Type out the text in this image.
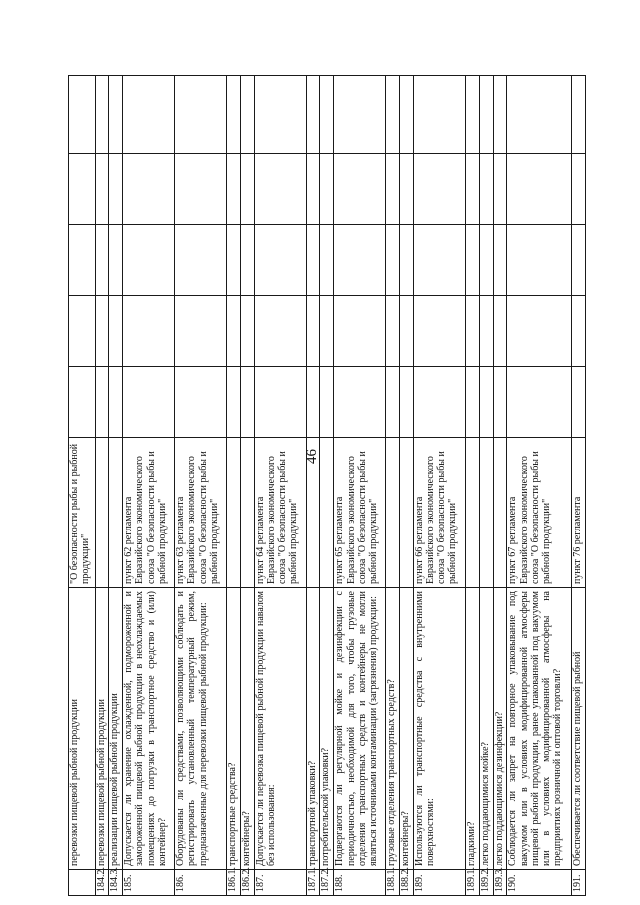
46
	перевозки пищевой рыбной продукции	"О безопасности рыбы и рыбной продукции"					
184.2.	перевозки пищевой рыбной продукции						
184.3.	реализации пищевой рыбной продукции						
185.	Допускается ли хранение охлажденной, подмороженной и замороженной пищевой рыбной продукции в неохлаждаемых помещениях до погрузки в транспортное средство и (или) контейнер?	пункт 62 регламента Евразийского экономического союза "О безопасности рыбы и рыбной продукции"					
186.	Оборудованы ли средствами, позволяющими соблюдать и регистрировать установленный температурный режим, предназначенные для перевозки пищевой рыбной продукции:	пункт 63 регламента Евразийского экономического союза "О безопасности рыбы и рыбной продукции"					
186.1.	транспортные средства?						
186.2.	контейнеры?						
187.	Допускается ли перевозка пищевой рыбной продукции навалом без использования:	пункт 64 регламента Евразийского экономического союза "О безопасности рыбы и рыбной продукции"					
187.1.	транспортной упаковки?						
187.2.	потребительской упаковки?						
188.	Подвергаются ли регулярной мойке и дезинфекции с периодичностью, необходимой для того, чтобы грузовые отделения транспортных средств и контейнеры не могли являться источниками контаминации (загрязнения) продукции:	пункт 65 регламента Евразийского экономического союза "О безопасности рыбы и рыбной продукции"					
188.1.	грузовые отделения транспортных средств?						
188.2.	контейнеры?						
189.	Используются ли транспортные средства с внутренними поверхностями:	пункт 66 регламента Евразийского экономического союза "О безопасности рыбы и рыбной продукции"					
189.1.	гладкими?						
189.2.	легко поддающимися мойке?						
189.3.	легко поддающимися дезинфекции?						
190.	Соблюдается ли запрет на повторное упаковывание под вакуумом или в условиях модифицированной атмосферы пищевой рыбной продукции, ранее упакованной под вакуумом или в условиях модифицированной атмосферы на предприятиях розничной и оптовой торговли?	пункт 67 регламента Евразийского экономического союза "О безопасности рыбы и рыбной продукции"					
191.	Обеспечивается ли соответствие пищевой рыбной	пункт 76 регламента					
